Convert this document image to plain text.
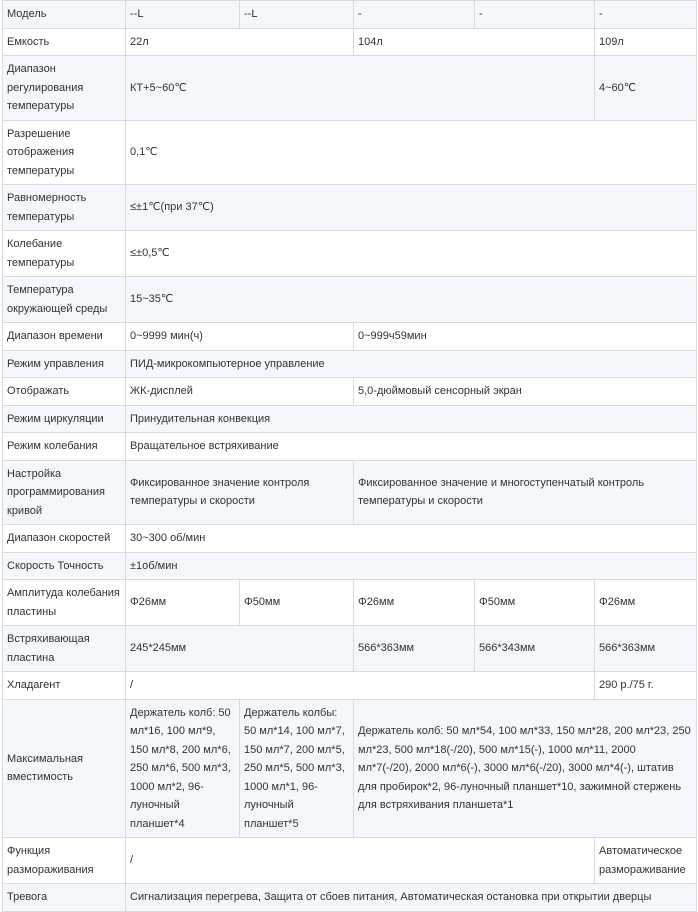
Модель	--L	--L	-	-	-
Емкость	22л		104л		109л
Диапазон регулирования температуры	КТ+5~60℃				4~60℃
Разрешение отображения температуры	0,1℃				
Равномерность температуры	≤±1℃(при 37℃)				
Колебание температуры	≤±0,5℃				
Температура окружающей среды	15~35℃				
Диапазон времени	0~9999 мин(ч)		0~999ч59мин		
Режим управления	ПИД-микрокомпьютерное управление				
Отображать	ЖК-дисплей		5,0-дюймовый сенсорный экран		
Режим циркуляции	Принудительная конвекция				
Режим колебания	Вращательное встряхивание				
Настройка программирования кривой	Фиксированное значение контроля температуры и скорости		Фиксированное значение и многоступенчатый контроль температуры и скорости		
Диапазон скоростей	30~300 об/мин				
Скорость Точность	±1об/мин				
Амплитуда колебания пластины	Φ26мм	Φ50мм	Φ26мм	Φ50мм	Φ26мм
Встряхивающая пластина	245*245мм		566*363мм	566*343мм	566*363мм
Хладагент	/				290 р./75 г.
Максимальная вместимость	Держатель колб: 50 мл*16, 100 мл*9, 150 мл*8, 200 мл*6, 250 мл*6, 500 мл*3, 1000 мл*2, 96-луночный планшет*4	Держатель колбы: 50 мл*14, 100 мл*7, 150 мл*7, 200 мл*5, 250 мл*5, 500 мл*3, 1000 мл*1, 96-луночный планшет*5	Держатель колб: 50 мл*54, 100 мл*33, 150 мл*28, 200 мл*23, 250 мл*23, 500 мл*18(-/20), 500 мл*15(-), 1000 мл*11, 2000 мл*7(-/20), 2000 мл*6(-), 3000 мл*6(-/20), 3000 мл*4(-), штатив для пробирок*2, 96-луночный планшет*10, зажимной стержень для встряхивания планшета*1		
Функция размораживания	/				Автоматическое размораживание
Тревога	Сигнализация перегрева, Защита от сбоев питания, Автоматическая остановка при открытии дверцы				
